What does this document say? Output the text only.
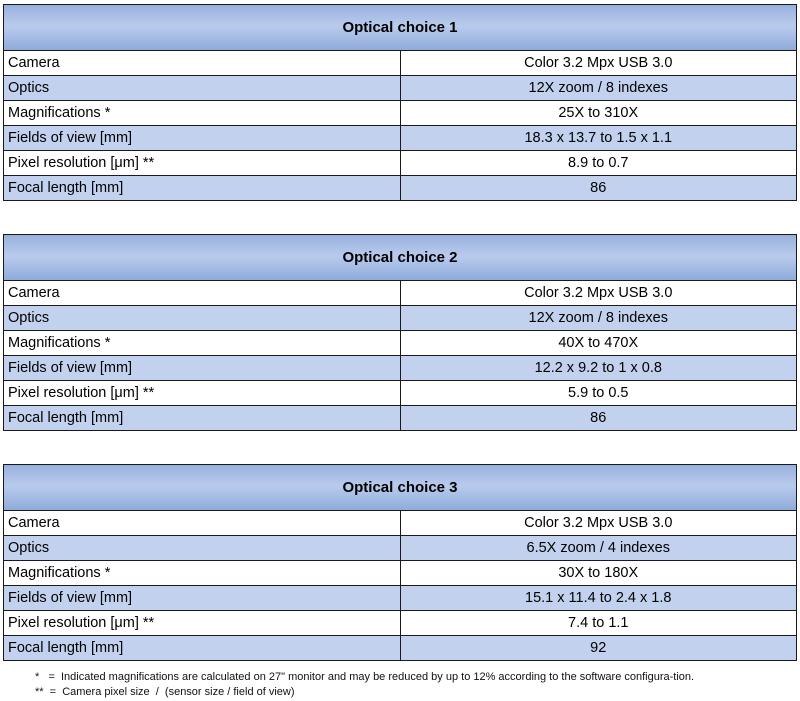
Optical choice 1	
Camera	Color 3.2 Mpx USB 3.0
Optics	12X zoom / 8 indexes
Magnifications *	25X to 310X
Fields of view [mm]	18.3 x 13.7 to 1.5 x 1.1
Pixel resolution [μm] **	8.9 to 0.7
Focal length [mm]	86
Optical choice 2	
Camera	Color 3.2 Mpx USB 3.0
Optics	12X zoom / 8 indexes
Magnifications *	40X to 470X
Fields of view [mm]	12.2 x 9.2 to 1 x 0.8
Pixel resolution [μm] **	5.9 to 0.5
Focal length [mm]	86
Optical choice 3	
Camera	Color 3.2 Mpx USB 3.0
Optics	6.5X zoom / 4 indexes
Magnifications *	30X to 180X
Fields of view [mm]	15.1 x 11.4 to 2.4 x 1.8
Pixel resolution [μm] **	7.4 to 1.1
Focal length [mm]	92
*   =  Indicated magnifications are calculated on 27" monitor and may be reduced by up to 12% according to the software configura-tion.
**  =  Camera pixel size  /  (sensor size / field of view)
